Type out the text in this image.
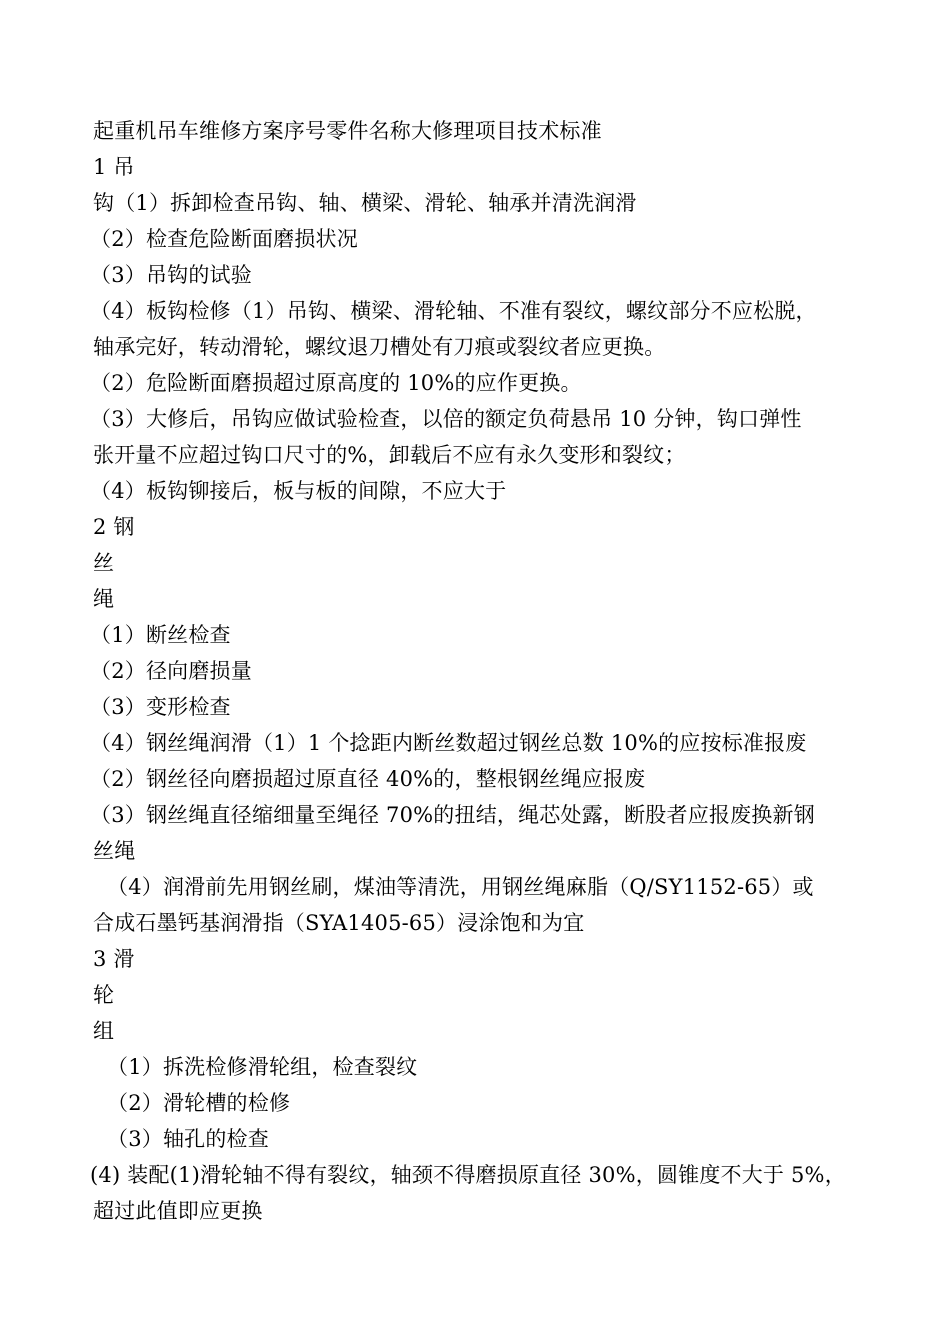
起重机吊车维修方案序号零件名称大修理项目技术标准
1 吊
钩（1）拆卸检查吊钩、轴、横梁、滑轮、轴承并清洗润滑
（2）检查危险断面磨损状况
（3）吊钩的试验
（4）板钩检修（1）吊钩、横梁、滑轮轴、不准有裂纹，螺纹部分不应松脱，
轴承完好，转动滑轮，螺纹退刀槽处有刀痕或裂纹者应更换。
（2）危险断面磨损超过原高度的 10%的应作更换。
（3）大修后，吊钩应做试验检查，以倍的额定负荷悬吊 10 分钟，钩口弹性
张开量不应超过钩口尺寸的%，卸载后不应有永久变形和裂纹；
（4）板钩铆接后，板与板的间隙，不应大于
2 钢
丝
绳
（1）断丝检查
（2）径向磨损量
（3）变形检查
（4）钢丝绳润滑（1）1 个捻距内断丝数超过钢丝总数 10%的应按标准报废
（2）钢丝径向磨损超过原直径 40%的，整根钢丝绳应报废
（3）钢丝绳直径缩细量至绳径 70%的扭结，绳芯处露，断股者应报废换新钢
丝绳
（4）润滑前先用钢丝刷，煤油等清洗，用钢丝绳麻脂（Q/SY1152-65）或
合成石墨钙基润滑指（SYA1405-65）浸涂饱和为宜
3 滑
轮
组
（1）拆洗检修滑轮组，检查裂纹
（2）滑轮槽的检修
（3）轴孔的检查
(4) 装配(1)滑轮轴不得有裂纹，轴颈不得磨损原直径 30%，圆锥度不大于 5%，
超过此值即应更换
